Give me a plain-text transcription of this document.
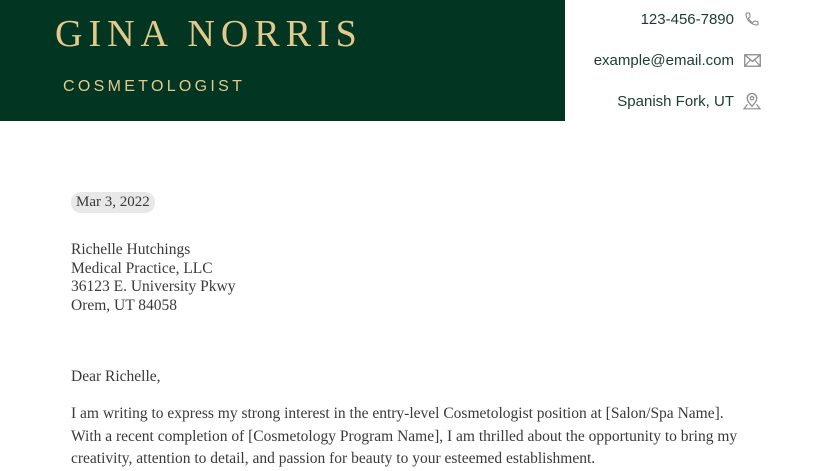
GINA NORRIS
COSMETOLOGIST
123-456-7890
example@email.com
Spanish Fork, UT
Mar 3, 2022
Richelle Hutchings
Medical Practice, LLC
36123 E. University Pkwy
Orem, UT 84058
Dear Richelle,

I am writing to express my strong interest in the entry-level Cosmetologist position at [Salon/Spa Name]. With a recent completion of [Cosmetology Program Name], I am thrilled about the opportunity to bring my creativity, attention to detail, and passion for beauty to your esteemed establishment.
